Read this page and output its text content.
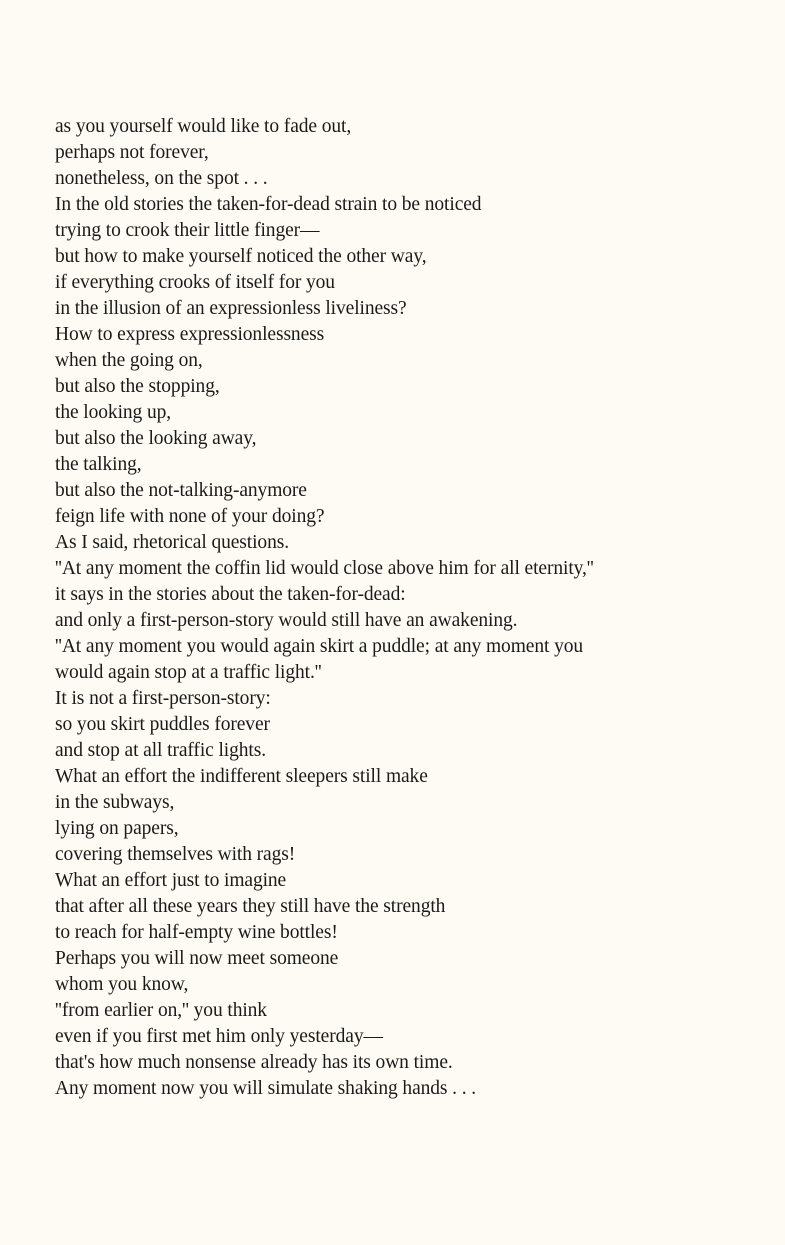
as you yourself would like to fade out,
perhaps not forever,
nonetheless, on the spot . . .
In the old stories the taken-for-dead strain to be noticed
trying to crook their little finger—
but how to make yourself noticed the other way,
if everything crooks of itself for you
in the illusion of an expressionless liveliness?
How to express expressionlessness
when the going on,
but also the stopping,
the looking up,
but also the looking away,
the talking,
but also the not-talking-anymore
feign life with none of your doing?
As I said, rhetorical questions.
''At any moment the coffin lid would close above him for all eternity,''
it says in the stories about the taken-for-dead:
and only a first-person-story would still have an awakening.
''At any moment you would again skirt a puddle; at any moment you
would again stop at a traffic light.''
It is not a first-person-story:
so you skirt puddles forever
and stop at all traffic lights.
What an effort the indifferent sleepers still make
in the subways,
lying on papers,
covering themselves with rags!
What an effort just to imagine
that after all these years they still have the strength
to reach for half-empty wine bottles!
Perhaps you will now meet someone
whom you know,
''from earlier on,'' you think
even if you first met him only yesterday—
that's how much nonsense already has its own time.
Any moment now you will simulate shaking hands . . .
